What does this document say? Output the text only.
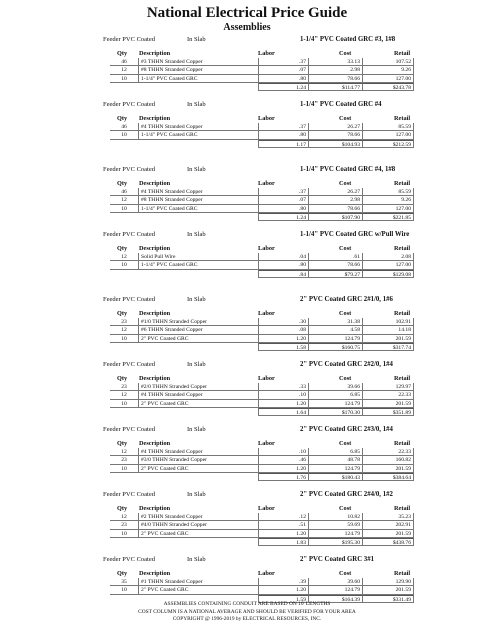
National Electrical Price Guide
Assemblies
Feeder PVC Coated	In Slab	1-1/4" PVC Coated GRC #3, 1#8
Qty Description	Labor	Cost	Retail
46	#3 THHN Stranded Copper	.37	33.13	107.52
12	#8 THHN Stranded Copper	.07	2.98	9.26
10	1-1/4" PVC Coated GRC	.80	78.66	127.00
1.24	$114.77	$243.78
Feeder PVC Coated	In Slab	1-1/4" PVC Coated GRC #4
Qty Description	Labor	Cost	Retail
46	#4 THHN Stranded Copper	.37	26.27	85.59
10	1-1/4" PVC Coated GRC	.80	78.66	127.00
1.17	$104.93	$212.59
Feeder PVC Coated	In Slab	1-1/4" PVC Coated GRC #4, 1#8
Qty Description	Labor	Cost	Retail
46	#4 THHN Stranded Copper	.37	26.27	85.59
12	#8 THHN Stranded Copper	.07	2.98	9.26
10	1-1/4" PVC Coated GRC	.80	78.66	127.00
1.24	$107.90	$221.85
Feeder PVC Coated	In Slab	1-1/4" PVC Coated GRC w/Pull Wire
Qty Description	Labor	Cost	Retail
12	Solid Pull Wire	.04	.61	2.08
10	1-1/4" PVC Coated GRC	.80	78.66	127.00
.84	$79.27	$129.08
Feeder PVC Coated	In Slab	2" PVC Coated GRC 2#1/0, 1#6
Qty Description	Labor	Cost	Retail
23	#1/0 THHN Stranded Copper	.30	31.38	102.91
12	#6 THHN Stranded Copper	.08	4.58	14.18
10	2" PVC Coated GRC	1.20	124.79	201.59
1.58	$160.75	$317.74
Feeder PVC Coated	In Slab	2" PVC Coated GRC 2#2/0, 1#4
Qty Description	Labor	Cost	Retail
23	#2/0 THHN Stranded Copper	.33	39.66	129.97
12	#4 THHN Stranded Copper	.10	6.85	22.33
10	2" PVC Coated GRC	1.20	124.79	201.59
1.64	$170.30	$351.89
Feeder PVC Coated	In Slab	2" PVC Coated GRC 2#3/0, 1#4
Qty Description	Labor	Cost	Retail
12	#4 THHN Stranded Copper	.10	6.85	22.33
23	#3/0 THHN Stranded Copper	.46	48.78	160.82
10	2" PVC Coated GRC	1.20	124.79	201.59
1.76	$180.43	$384.64
Feeder PVC Coated	In Slab	2" PVC Coated GRC 2#4/0, 1#2
Qty Description	Labor	Cost	Retail
12	#2 THHN Stranded Copper	.12	10.82	35.23
23	#4/0 THHN Stranded Copper	.51	59.69	202.91
10	2" PVC Coated GRC	1.20	124.79	201.59
1.83	$195.30	$438.76
Feeder PVC Coated	In Slab	2" PVC Coated GRC 3#1
Qty Description	Labor	Cost	Retail
35	#1 THHN Stranded Copper	.39	39.60	129.90
10	2" PVC Coated GRC	1.20	124.79	201.59
1.59	$164.39	$331.49
ASSEMBLIES CONTAINING CONDUIT ARE BASED ON 10' LENGTHS
COST COLUMN IS A NATIONAL AVERAGE AND SHOULD BE VERIFIED FOR YOUR AREA
COPYRIGHT @ 1996-2019 by ELECTRICAL RESOURCES, INC.
